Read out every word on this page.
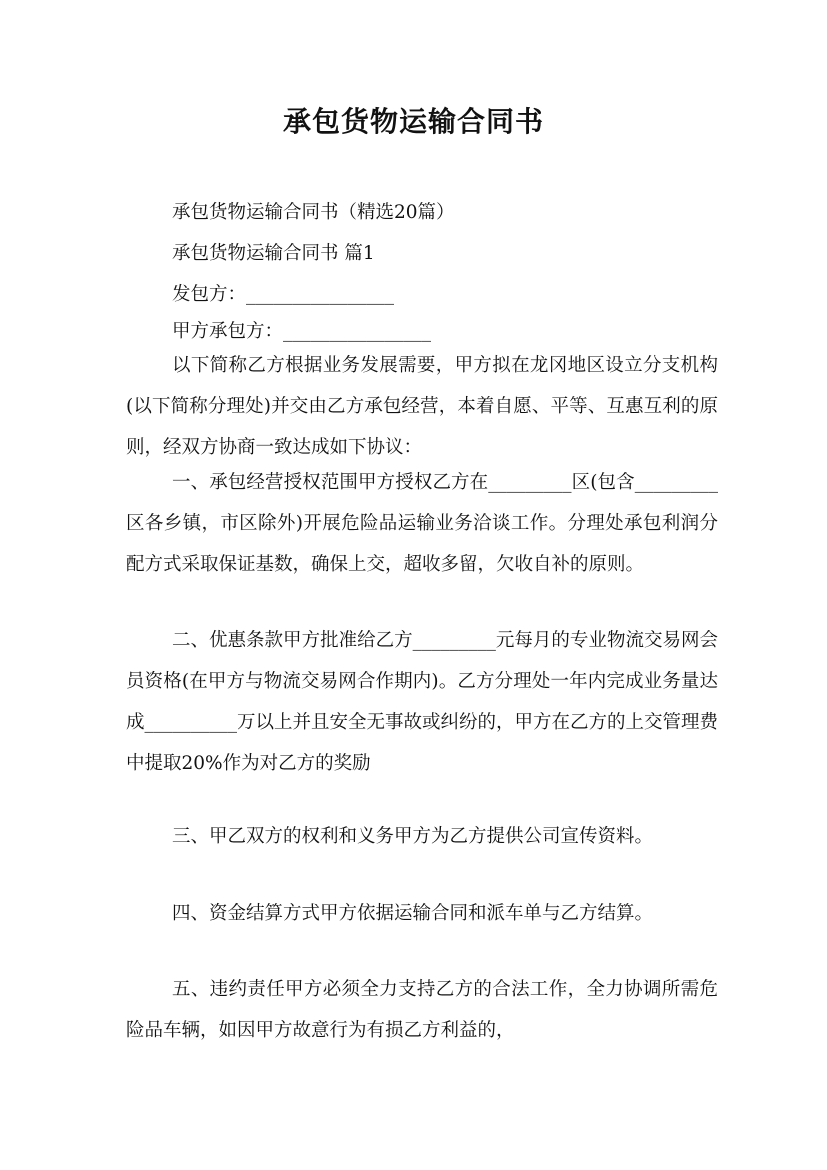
承包货物运输合同书
承包货物运输合同书（精选20篇）
承包货物运输合同书 篇1
发包方：________________
甲方承包方：________________

以下简称乙方根据业务发展需要，甲方拟在龙冈地区设立分支机构(以下简称分理处)并交由乙方承包经营，本着自愿、平等、互惠互利的原则，经双方协商一致达成如下协议：

一、承包经营授权范围甲方授权乙方在_________区(包含_________区各乡镇，市区除外)开展危险品运输业务洽谈工作。分理处承包利润分配方式采取保证基数，确保上交，超收多留，欠收自补的原则。

二、优惠条款甲方批准给乙方_________元每月的专业物流交易网会员资格(在甲方与物流交易网合作期内)。乙方分理处一年内完成业务量达成__________万以上并且安全无事故或纠纷的，甲方在乙方的上交管理费中提取20%作为对乙方的奖励

三、甲乙双方的权利和义务甲方为乙方提供公司宣传资料。

四、资金结算方式甲方依据运输合同和派车单与乙方结算。

五、违约责任甲方必须全力支持乙方的合法工作，全力协调所需危险品车辆，如因甲方故意行为有损乙方利益的，
